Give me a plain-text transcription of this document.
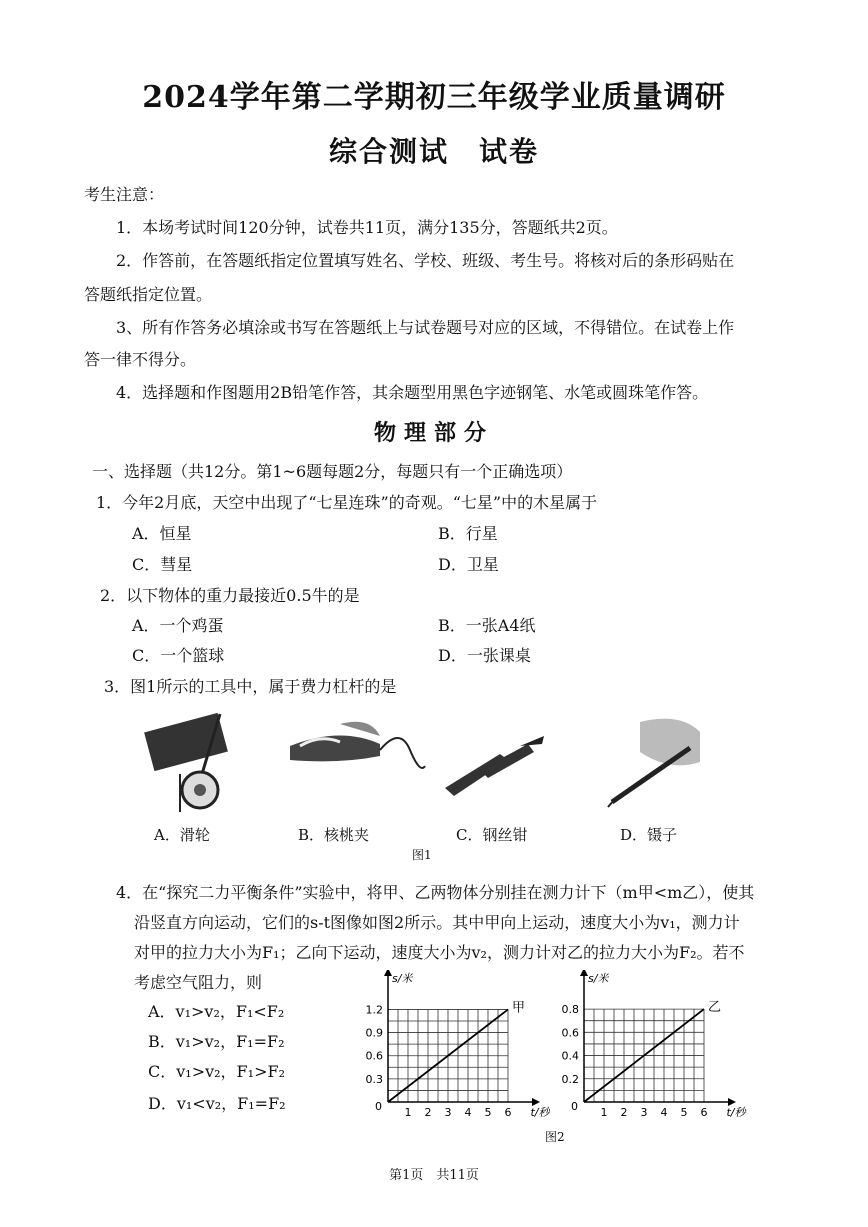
2024学年第二学期初三年级学业质量调研
综合测试　试卷
考生注意：
1．本场考试时间120分钟，试卷共11页，满分135分，答题纸共2页。
2．作答前，在答题纸指定位置填写姓名、学校、班级、考生号。将核对后的条形码贴在
答题纸指定位置。
3、所有作答务必填涂或书写在答题纸上与试卷题号对应的区域，不得错位。在试卷上作
答一律不得分。
4．选择题和作图题用2B铅笔作答，其余题型用黑色字迹钢笔、水笔或圆珠笔作答。
物理部分
一、选择题（共12分。第1~6题每题2分，每题只有一个正确选项）
1．今年2月底，天空中出现了“七星连珠”的奇观。“七星”中的木星属于
A．恒星	B．行星
C．彗星	D．卫星
2．以下物体的重力最接近0.5牛的是
A．一个鸡蛋	B．一张A4纸
C．一个篮球	D．一张课桌
3．图1所示的工具中，属于费力杠杆的是
A．滑轮	B．核桃夹	C．钢丝钳	D．镊子
图1
4．在“探究二力平衡条件”实验中，将甲、乙两物体分别挂在测力计下（m甲<m乙），使其
沿竖直方向运动，它们的s-t图像如图2所示。其中甲向上运动，速度大小为v₁，测力计
对甲的拉力大小为F₁；乙向下运动，速度大小为v₂，测力计对乙的拉力大小为F₂。若不
考虑空气阻力，则
A．v₁>v₂，F₁<F₂
B．v₁>v₂，F₁=F₂
C．v₁>v₂，F₁>F₂
D．v₁<v₂，F₁=F₂	1 2 3 4 5 6
0.3
0.6
0.9
1.2
0
s/米
t/秒
甲
1 2 3 4 5 6
0.2
0.4
0.6
0.8
0
s/米
t/秒
乙
图2
第1页　共11页
